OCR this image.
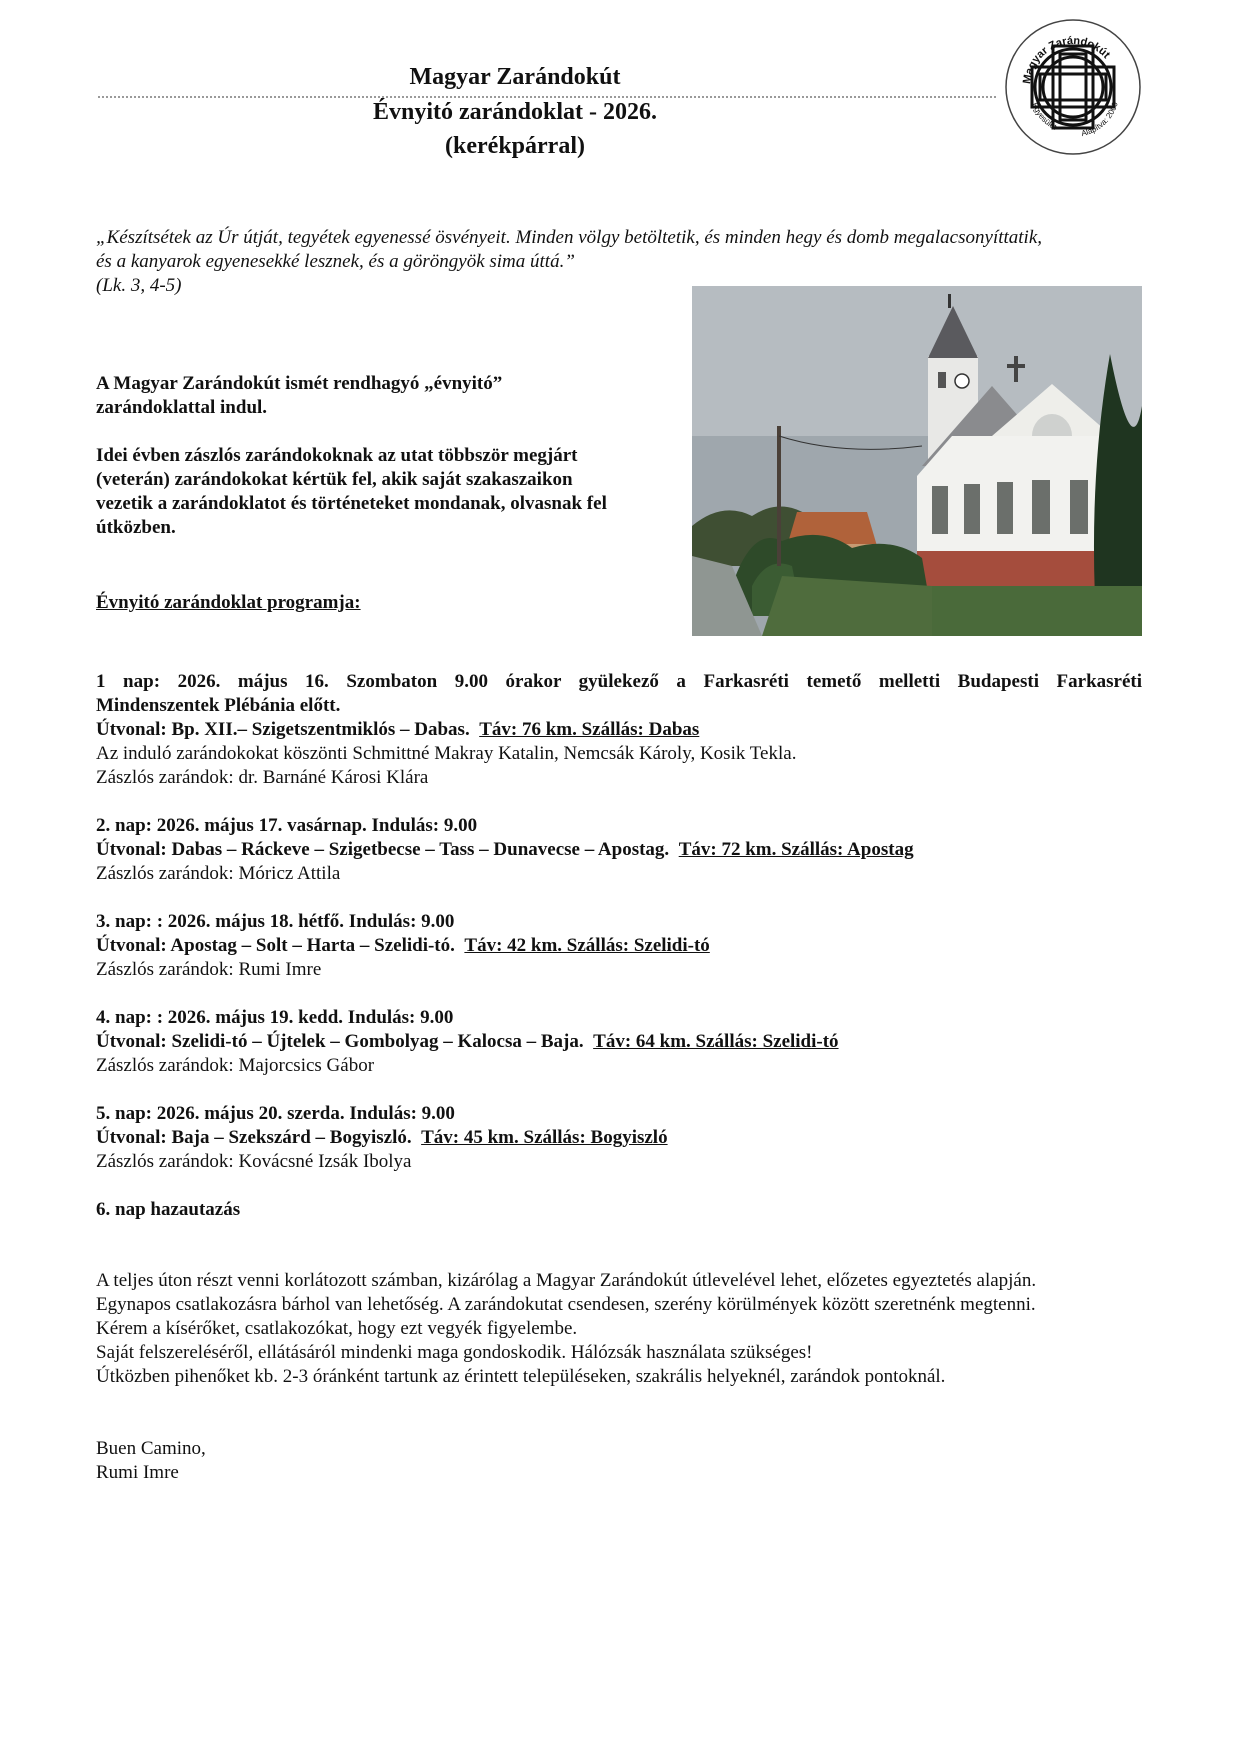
Magyar Zarándokút
Évnyitó zarándoklat - 2026.
(kerékpárral)
Magyar Zarándokút
Egyesület
Alapítva: 2000
„Készítsétek az Úr útját, tegyétek egyenessé ösvényeit. Minden völgy betöltetik, és minden hegy és domb megalacsonyíttatik,
és a kanyarok egyenesekké lesznek, és a göröngyök sima úttá.”
(Lk. 3, 4-5)
A Magyar Zarándokút ismét rendhagyó „évnyitó”
zarándoklattal indul.
Idei évben zászlós zarándokoknak az utat többször megjárt
(veterán) zarándokokat kértük fel, akik saját szakaszaikon
vezetik a zarándoklatot és történeteket mondanak, olvasnak fel
útközben.
Évnyitó zarándoklat programja:
1 nap: 2026. május 16. Szombaton 9.00 órakor gyülekező a Farkasréti temető melletti Budapesti Farkasréti
Mindenszentek Plébánia előtt.
Útvonal: Bp. XII.– Szigetszentmiklós – Dabas. Táv: 76 km. Szállás: Dabas
Az induló zarándokokat köszönti Schmittné Makray Katalin, Nemcsák Károly, Kosik Tekla.
Zászlós zarándok: dr. Barnáné Károsi Klára
2. nap: 2026. május 17. vasárnap. Indulás: 9.00
Útvonal: Dabas – Ráckeve – Szigetbecse – Tass – Dunavecse – Apostag. Táv: 72 km. Szállás: Apostag
Zászlós zarándok: Móricz Attila
3. nap: : 2026. május 18. hétfő. Indulás: 9.00
Útvonal: Apostag – Solt – Harta – Szelidi-tó. Táv: 42 km. Szállás: Szelidi-tó
Zászlós zarándok: Rumi Imre
4. nap: : 2026. május 19. kedd. Indulás: 9.00
Útvonal: Szelidi-tó – Újtelek – Gombolyag – Kalocsa – Baja. Táv: 64 km. Szállás: Szelidi-tó
Zászlós zarándok: Majorcsics Gábor
5. nap: 2026. május 20. szerda. Indulás: 9.00
Útvonal: Baja – Szekszárd – Bogyiszló. Táv: 45 km. Szállás: Bogyiszló
Zászlós zarándok: Kovácsné Izsák Ibolya
6. nap hazautazás
A teljes úton részt venni korlátozott számban, kizárólag a Magyar Zarándokút útlevelével lehet, előzetes egyeztetés alapján.
Egynapos csatlakozásra bárhol van lehetőség. A zarándokutat csendesen, szerény körülmények között szeretnénk megtenni.
Kérem a kísérőket, csatlakozókat, hogy ezt vegyék figyelembe.
Saját felszereléséről, ellátásáról mindenki maga gondoskodik. Hálózsák használata szükséges!
Útközben pihenőket kb. 2-3 óránként tartunk az érintett településeken, szakrális helyeknél, zarándok pontoknál.
Buen Camino,
Rumi Imre
